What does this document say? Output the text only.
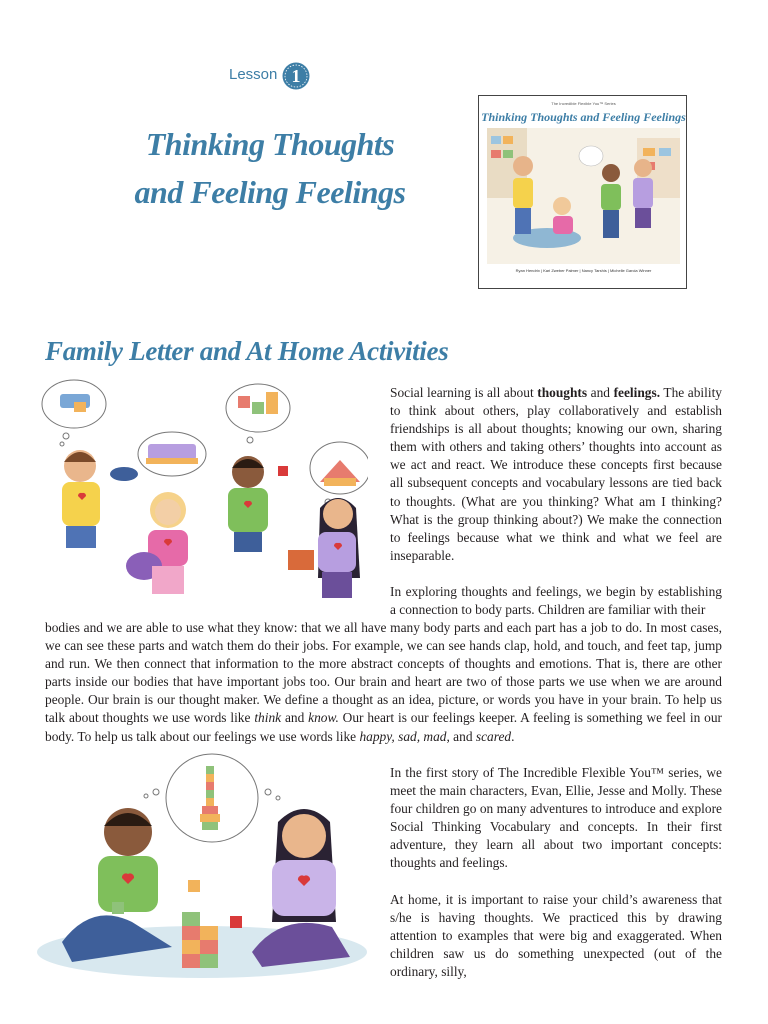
Lesson 1
Thinking Thoughts
and Feeling Feelings
The Incredible Flexible You™ Series
Thinking Thoughts and Feeling Feelings
Ryan Hendrix | Kari Zweber Palmer | Nancy Tarshis | Michelle Garcia Winner
Family Letter and At Home Activities

Social learning is all about thoughts and feelings. The ability to think about others, play collaboratively and establish friendships is all about thoughts; knowing our own, sharing them with others and taking others’ thoughts into account as we act and react. We introduce these concepts first because all subsequent concepts and vocabulary lessons are tied back to thoughts. (What are you thinking? What am I thinking? What is the group thinking about?) We make the connection to feelings because what we think and what we feel are inseparable.

In exploring thoughts and feelings, we begin by establishing a connection to body parts. Children are familiar with their

bodies and we are able to use what they know: that we all have many body parts and each part has a job to do. In most cases, we can see these parts and watch them do their jobs. For example, we can see hands clap, hold, and touch, and feet tap, jump and run. We then connect that information to the more abstract concepts of thoughts and emotions. That is, there are other parts inside our bodies that have important jobs too. Our brain and heart are two of those parts we use when we are around people. Our brain is our thought maker. We define a thought as an idea, picture, or words you have in your brain. To help us talk about thoughts we use words like think and know. Our heart is our feelings keeper. A feeling is something we feel in our body. To help us talk about our feelings we use words like happy, sad, mad, and scared.

In the first story of The Incredible Flexible You™ series, we meet the main characters, Evan, Ellie, Jesse and Molly. These four children go on many adventures to introduce and explore Social Thinking Vocabulary and concepts. In their first adventure, they learn all about two important concepts: thoughts and feelings.

At home, it is important to raise your child’s awareness that s/he is having thoughts. We practiced this by drawing attention to examples that were big and exaggerated. When children saw us do something unexpected (out of the ordinary, silly,
